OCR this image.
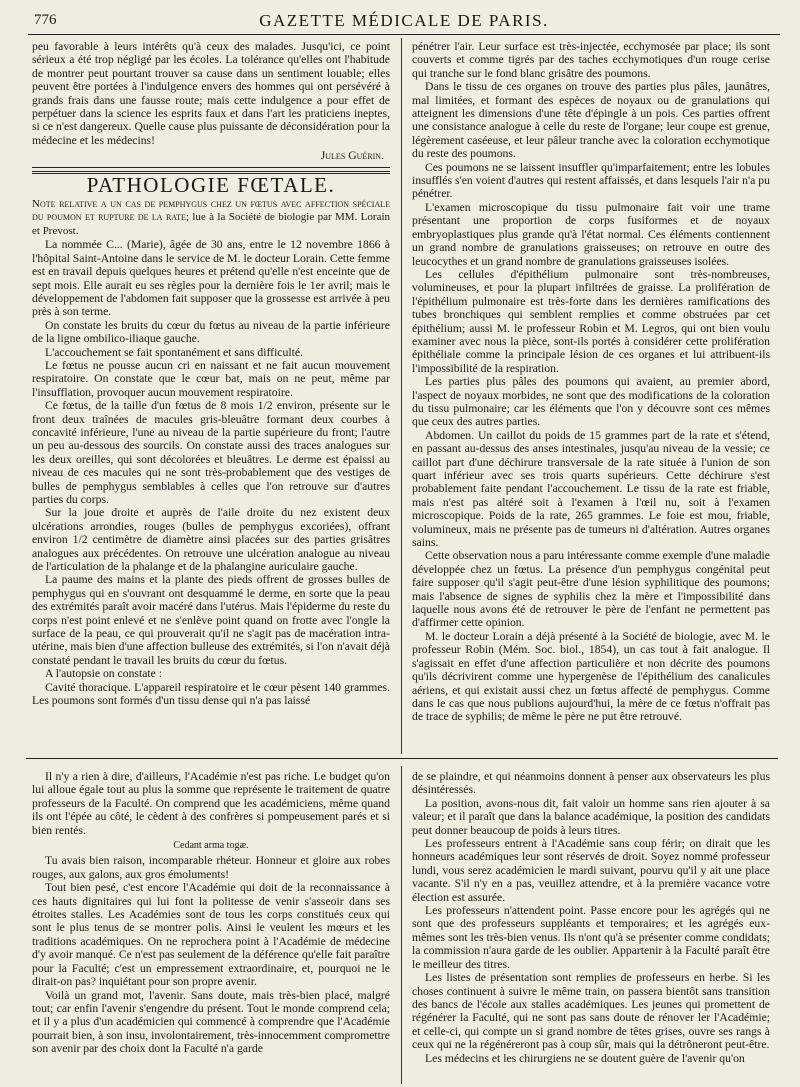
776	GAZETTE MÉDICALE DE PARIS.

peu favorable à leurs intérêts qu'à ceux des malades. Jusqu'ici, ce point sérieux a été trop négligé par les écoles. La tolérance qu'elles ont l'habitude de montrer peut pourtant trouver sa cause dans un sentiment louable; elles peuvent être portées à l'indulgence envers des hommes qui ont persévéré à grands frais dans une fausse route; mais cette indulgence a pour effet de perpétuer dans la science les esprits faux et dans l'art les praticiens ineptes, si ce n'est dangereux. Quelle cause plus puissante de déconsidération pour la médecine et les médecins!

Jules Guérin.

PATHOLOGIE FŒTALE.

Note relative a un cas de pemphygus chez un fœtus avec affection spéciale du poumon et rupture de la rate; lue à la Société de biologie par MM. Lorain et Prevost.

La nommée C... (Marie), âgée de 30 ans, entre le 12 novembre 1866 à l'hôpital Saint-Antoine dans le service de M. le docteur Lorain. Cette femme est en travail depuis quelques heures et prétend qu'elle n'est enceinte que de sept mois. Elle aurait eu ses règles pour la dernière fois le 1er avril; mais le développement de l'abdomen fait supposer que la grossesse est arrivée à peu près à son terme.

On constate les bruits du cœur du fœtus au niveau de la partie inférieure de la ligne ombilico-iliaque gauche.

L'accouchement se fait spontanément et sans difficulté.

Le fœtus ne pousse aucun cri en naissant et ne fait aucun mouvement respiratoire. On constate que le cœur bat, mais on ne peut, même par l'insufflation, provoquer aucun mouvement respiratoire.

Ce fœtus, de la taille d'un fœtus de 8 mois 1/2 environ, présente sur le front deux traînées de macules gris-bleuâtre formant deux courbes à concavité inférieure, l'une au niveau de la partie supérieure du front; l'autre un peu au-dessous des sourcils. On constate aussi des traces analogues sur les deux oreilles, qui sont décolorées et bleuâtres. Le derme est épaissi au niveau de ces macules qui ne sont très-probablement que des vestiges de bulles de pemphygus semblables à celles que l'on retrouve sur d'autres parties du corps.

Sur la joue droite et auprès de l'aile droite du nez existent deux ulcérations arrondies, rouges (bulles de pemphygus excoriées), offrant environ 1/2 centimètre de diamètre ainsi placées sur des parties grisâtres analogues aux précédentes. On retrouve une ulcération analogue au niveau de l'articulation de la phalange et de la phalangine auriculaire gauche.

La paume des mains et la plante des pieds offrent de grosses bulles de pemphygus qui en s'ouvrant ont desquammé le derme, en sorte que la peau des extrémités paraît avoir macéré dans l'utérus. Mais l'épiderme du reste du corps n'est point enlevé et ne s'enlève point quand on frotte avec l'ongle la surface de la peau, ce qui prouverait qu'il ne s'agit pas de macération intra-utérine, mais bien d'une affection bulleuse des extrémités, si l'on n'avait déjà constaté pendant le travail les bruits du cœur du fœtus.

A l'autopsie on constate :

Cavité thoracique. L'appareil respiratoire et le cœur pèsent 140 grammes. Les poumons sont formés d'un tissu dense qui n'a pas laissé

pénétrer l'air. Leur surface est très-injectée, ecchymosée par place; ils sont couverts et comme tigrés par des taches ecchymotiques d'un rouge cerise qui tranche sur le fond blanc grisâtre des poumons.

Dans le tissu de ces organes on trouve des parties plus pâles, jaunâtres, mal limitées, et formant des espèces de noyaux ou de granulations qui atteignent les dimensions d'une tête d'épingle à un pois. Ces parties offrent une consistance analogue à celle du reste de l'organe; leur coupe est grenue, légèrement caséeuse, et leur pâleur tranche avec la coloration ecchymotique du reste des poumons.

Ces poumons ne se laissent insuffler qu'imparfaitement; entre les lobules insufflés s'en voient d'autres qui restent affaissés, et dans lesquels l'air n'a pu pénétrer.

L'examen microscopique du tissu pulmonaire fait voir une trame présentant une proportion de corps fusiformes et de noyaux embryoplastiques plus grande qu'à l'état normal. Ces éléments contiennent un grand nombre de granulations graisseuses; on retrouve en outre des leucocythes et un grand nombre de granulations graisseuses isolées.

Les cellules d'épithélium pulmonaire sont très-nombreuses, volumineuses, et pour la plupart infiltrées de graisse. La prolifération de l'épithélium pulmonaire est très-forte dans les dernières ramifications des tubes bronchiques qui semblent remplies et comme obstruées par cet épithélium; aussi M. le professeur Robin et M. Legros, qui ont bien voulu examiner avec nous la pièce, sont-ils portés à considérer cette prolifération épithéliale comme la principale lésion de ces organes et lui attribuent-ils l'impossibilité de la respiration.

Les parties plus pâles des poumons qui avaient, au premier abord, l'aspect de noyaux morbides, ne sont que des modifications de la coloration du tissu pulmonaire; car les éléments que l'on y découvre sont ces mêmes que ceux des autres parties.

Abdomen. Un caillot du poids de 15 grammes part de la rate et s'étend, en passant au-dessus des anses intestinales, jusqu'au niveau de la vessie; ce caillot part d'une déchirure transversale de la rate située à l'union de son quart inférieur avec ses trois quarts supérieurs. Cette déchirure s'est probablement faite pendant l'accouchement. Le tissu de la rate est friable, mais n'est pas altéré soit à l'examen à l'œil nu, soit à l'examen microscopique. Poids de la rate, 265 grammes. Le foie est mou, friable, volumineux, mais ne présente pas de tumeurs ni d'altération. Autres organes sains.

Cette observation nous a paru intéressante comme exemple d'une maladie développée chez un fœtus. La présence d'un pemphygus congénital peut faire supposer qu'il s'agit peut-être d'une lésion syphilitique des poumons; mais l'absence de signes de syphilis chez la mère et l'impossibilité dans laquelle nous avons été de retrouver le père de l'enfant ne permettent pas d'affirmer cette opinion.

M. le docteur Lorain a déjà présenté à la Société de biologie, avec M. le professeur Robin (Mém. Soc. biol., 1854), un cas tout à fait analogue. Il s'agissait en effet d'une affection particulière et non décrite des poumons qu'ils décrivirent comme une hypergenèse de l'épithélium des canalicules aériens, et qui existait aussi chez un fœtus affecté de pemphygus. Comme dans le cas que nous publions aujourd'hui, la mère de ce fœtus n'offrait pas de trace de syphilis; de même le père ne put être retrouvé.

Il n'y a rien à dire, d'ailleurs, l'Académie n'est pas riche. Le budget qu'on lui alloue égale tout au plus la somme que représente le traitement de quatre professeurs de la Faculté. On comprend que les académiciens, même quand ils ont l'épée au côté, le cèdent à des confrères si pompeusement parés et si bien rentés.

Cedant arma togæ.

Tu avais bien raison, incomparable rhéteur. Honneur et gloire aux robes rouges, aux galons, aux gros émoluments!

Tout bien pesé, c'est encore l'Académie qui doit de la reconnaissance à ces hauts dignitaires qui lui font la politesse de venir s'asseoir dans ses étroites stalles. Les Académies sont de tous les corps constitués ceux qui sont le plus tenus de se montrer polis. Ainsi le veulent les mœurs et les traditions académiques. On ne reprochera point à l'Académie de médecine d'y avoir manqué. Ce n'est pas seulement de la déférence qu'elle fait paraître pour la Faculté; c'est un empressement extraordinaire, et, pourquoi ne le dirait-on pas? inquiétant pour son propre avenir.

Voilà un grand mot, l'avenir. Sans doute, mais très-bien placé, malgré tout; car enfin l'avenir s'engendre du présent. Tout le monde comprend cela; et il y a plus d'un académicien qui commencé à comprendre que l'Académie pourrait bien, à son insu, involontairement, très-innocemment compromettre son avenir par des choix dont la Faculté n'a garde

de se plaindre, et qui néanmoins donnent à penser aux observateurs les plus désintéressés.

La position, avons-nous dit, fait valoir un homme sans rien ajouter à sa valeur; et il paraît que dans la balance académique, la position des candidats peut donner beaucoup de poids à leurs titres.

Les professeurs entrent à l'Académie sans coup férir; on dirait que les honneurs académiques leur sont réservés de droit. Soyez nommé professeur lundi, vous serez académicien le mardi suivant, pourvu qu'il y ait une place vacante. S'il n'y en a pas, veuillez attendre, et à la première vacance votre élection est assurée.

Les professeurs n'attendent point. Passe encore pour les agrégés qui ne sont que des professeurs suppléants et temporaires; et les agrégés eux-mêmes sont les très-bien venus. Ils n'ont qu'à se présenter comme condidats; la commission n'aura garde de les oublier. Appartenir à la Faculté paraît être le meilleur des titres.

Les listes de présentation sont remplies de professeurs en herbe. Si les choses continuent à suivre le même train, on passera bientôt sans transition des bancs de l'école aux stalles académiques. Les jeunes qui promettent de régénérer la Faculté, qui ne sont pas sans doute de rénover ler l'Académie; et celle-ci, qui compte un si grand nombre de têtes grises, ouvre ses rangs à ceux qui ne la régénéreront pas à coup sûr, mais qui la détrôneront peut-être.

Les médecins et les chirurgiens ne se doutent guère de l'avenir qu'on
